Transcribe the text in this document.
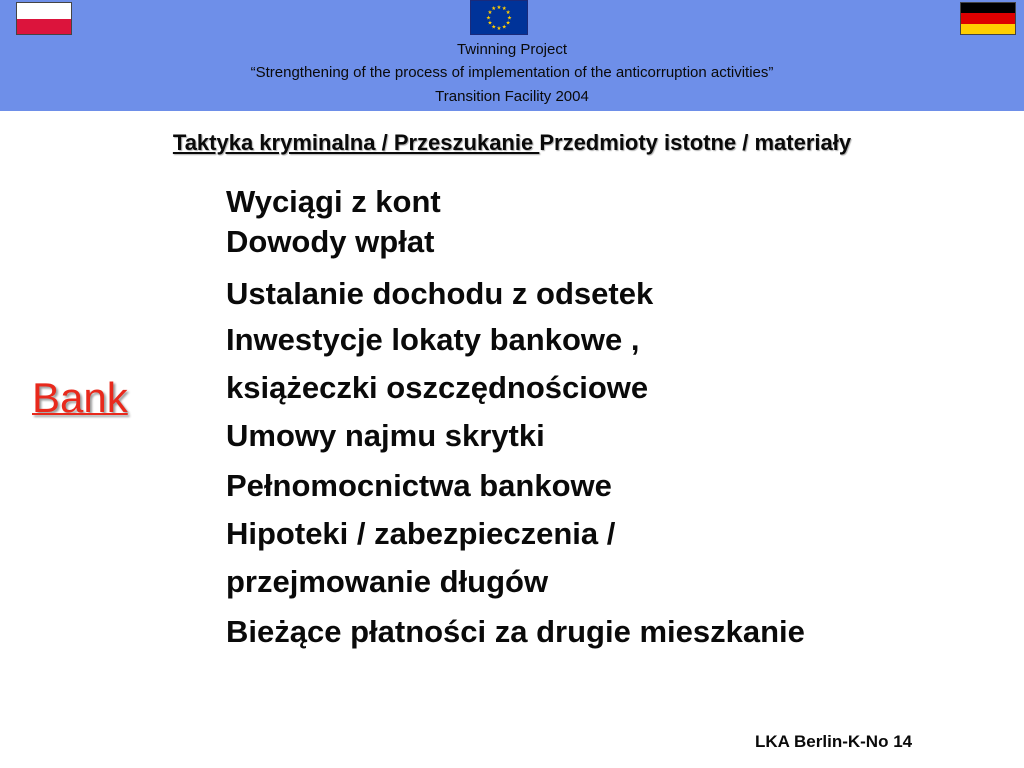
★ ★
★
★
★
★
★
★
★
★
★
★
Twinning Project
“Strengthening of the process of implementation of the anticorruption activities”
Transition Facility 2004
Taktyka kryminalna / Przeszukanie Przedmioty istotne / materiały
Bank
Wyciągi z kont
Dowody wpłat
Ustalanie dochodu z odsetek
Inwestycje lokaty bankowe ,
książeczki oszczędnościowe
Umowy najmu skrytki
Pełnomocnictwa bankowe
Hipoteki / zabezpieczenia /
przejmowanie długów
Bieżące płatności za drugie mieszkanie
LKA Berlin-K-No 14
